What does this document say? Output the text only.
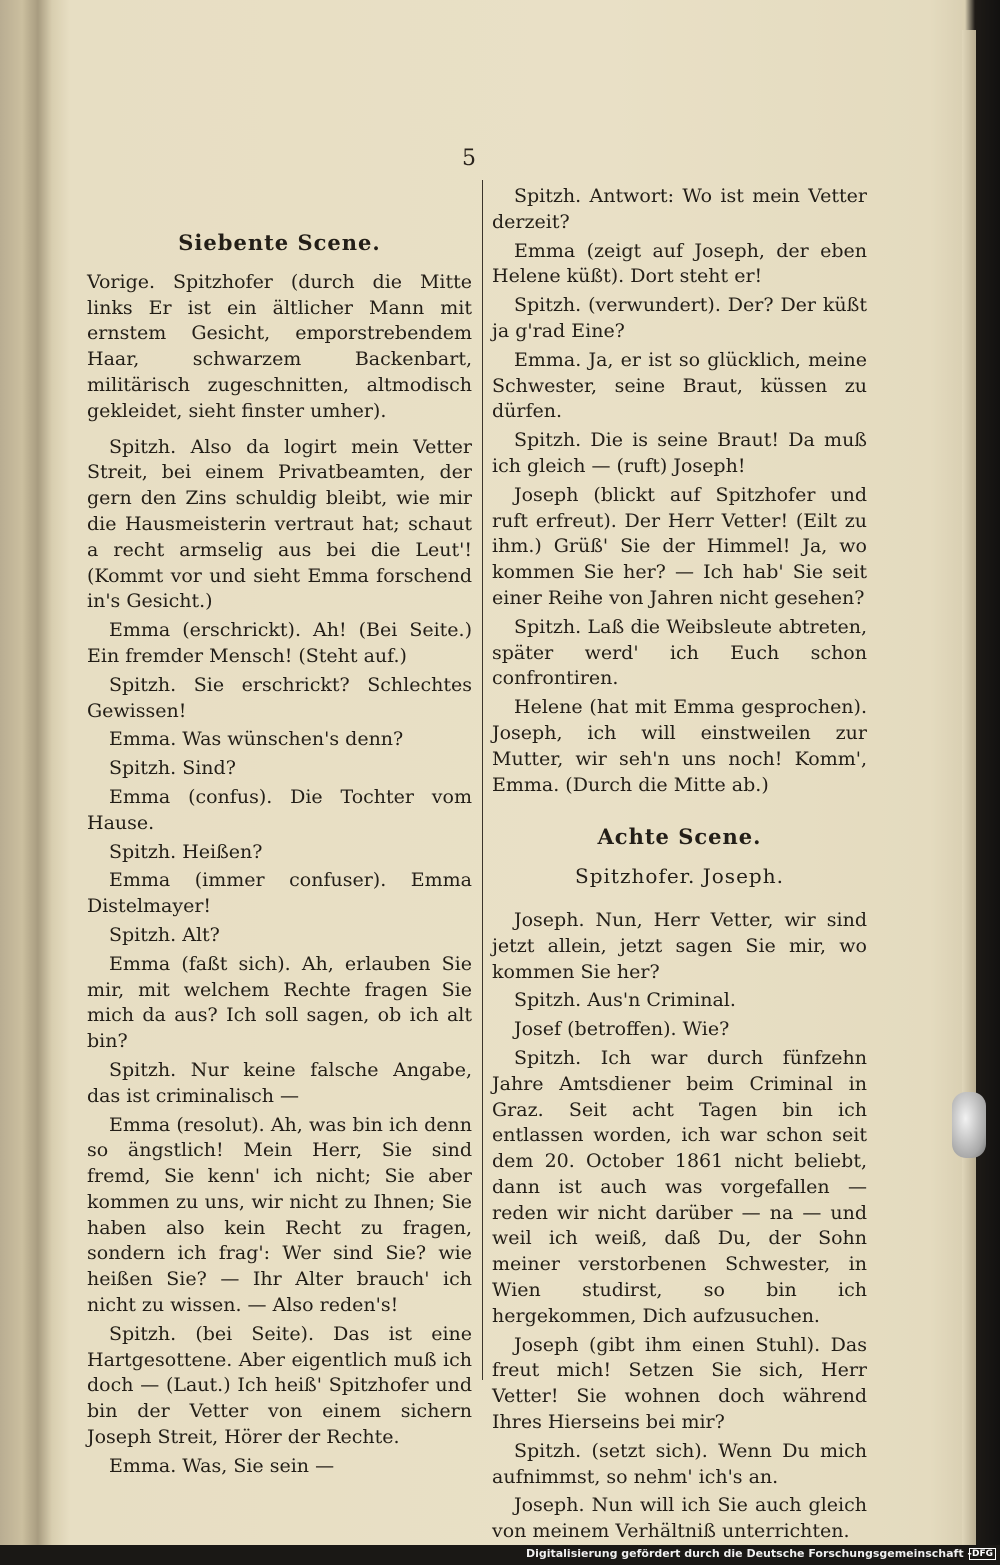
5
Siebente Scene.

Vorige. Spitzhofer (durch die Mitte links Er ist ein ältlicher Mann mit ernstem Gesicht, emporstrebendem Haar, schwarzem Backenbart, militärisch zugeschnitten, altmodisch gekleidet, sieht finster umher).

Spitzh. Also da logirt mein Vetter Streit, bei einem Privatbeamten, der gern den Zins schuldig bleibt, wie mir die Hausmeisterin vertraut hat; schaut a recht armselig aus bei die Leut'! (Kommt vor und sieht Emma forschend in's Gesicht.)

Emma (erschrickt). Ah! (Bei Seite.) Ein fremder Mensch! (Steht auf.)

Spitzh. Sie erschrickt? Schlechtes Gewissen!

Emma. Was wünschen's denn?

Spitzh. Sind?

Emma (confus). Die Tochter vom Hause.

Spitzh. Heißen?

Emma (immer confuser). Emma Distelmayer!

Spitzh. Alt?

Emma (faßt sich). Ah, erlauben Sie mir, mit welchem Rechte fragen Sie mich da aus? Ich soll sagen, ob ich alt bin?

Spitzh. Nur keine falsche Angabe, das ist criminalisch —

Emma (resolut). Ah, was bin ich denn so ängstlich! Mein Herr, Sie sind fremd, Sie kenn' ich nicht; Sie aber kommen zu uns, wir nicht zu Ihnen; Sie haben also kein Recht zu fragen, sondern ich frag': Wer sind Sie? wie heißen Sie? — Ihr Alter brauch' ich nicht zu wissen. — Also reden's!

Spitzh. (bei Seite). Das ist eine Hartgesottene. Aber eigentlich muß ich doch — (Laut.) Ich heiß' Spitzhofer und bin der Vetter von einem sichern Joseph Streit, Hörer der Rechte.

Emma. Was, Sie sein —

Spitzh. Antwort: Wo ist mein Vetter derzeit?

Emma (zeigt auf Joseph, der eben Helene küßt). Dort steht er!

Spitzh. (verwundert). Der? Der küßt ja g'rad Eine?

Emma. Ja, er ist so glücklich, meine Schwester, seine Braut, küssen zu dürfen.

Spitzh. Die is seine Braut! Da muß ich gleich — (ruft) Joseph!

Joseph (blickt auf Spitzhofer und ruft erfreut). Der Herr Vetter! (Eilt zu ihm.) Grüß' Sie der Himmel! Ja, wo kommen Sie her? — Ich hab' Sie seit einer Reihe von Jahren nicht gesehen?

Spitzh. Laß die Weibsleute abtreten, später werd' ich Euch schon confrontiren.

Helene (hat mit Emma gesprochen). Joseph, ich will einstweilen zur Mutter, wir seh'n uns noch! Komm', Emma. (Durch die Mitte ab.)

Achte Scene.
Spitzhofer. Joseph.

Joseph. Nun, Herr Vetter, wir sind jetzt allein, jetzt sagen Sie mir, wo kommen Sie her?

Spitzh. Aus'n Criminal.

Josef (betroffen). Wie?

Spitzh. Ich war durch fünfzehn Jahre Amtsdiener beim Criminal in Graz. Seit acht Tagen bin ich entlassen worden, ich war schon seit dem 20. October 1861 nicht beliebt, dann ist auch was vorgefallen — reden wir nicht darüber — na — und weil ich weiß, daß Du, der Sohn meiner verstorbenen Schwester, in Wien studirst, so bin ich hergekommen, Dich aufzusuchen.

Joseph (gibt ihm einen Stuhl). Das freut mich! Setzen Sie sich, Herr Vetter! Sie wohnen doch während Ihres Hierseins bei mir?

Spitzh. (setzt sich). Wenn Du mich aufnimmst, so nehm' ich's an.

Joseph. Nun will ich Sie auch gleich von meinem Verhältniß unterrichten.

Digitalisierung gefördert durch die Deutsche Forschungsgemeinschaft - DFG
